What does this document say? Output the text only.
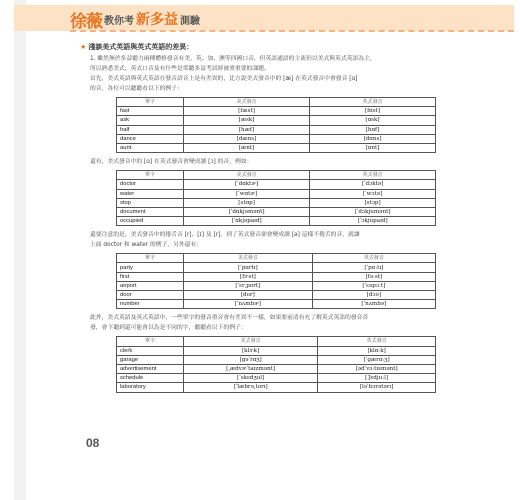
徐薇 教你考 新多益 測驗
★ 淺談美式英語與英式英語的差異：
1. 雖然無於多益聽力兩種體格發音有美、英、加、澳等四國口音，但英語通語的主流仍以美式與英式英語為主，
所以熟悉美式、英式口音及有什些是常聽多益考試時被重重要的課題。
首先，美式英語與英式英語在發音語音上是有差異的，比方說美式發音中的 [æ] 在英式發音中會發音 [ɑ]
的音，各位可以聽聽看以下的例子：
單字	美式發音	英式發音
fast	[fæst]	[fɑst]
ask	[æsk]	[ɑsk]
half	[hæf]	[hɑf]
dance	[dæns]	[dɑns]
aunt	[ænt]	[ɑnt]
還有，美式發音中的 [ɑ] 在英式發音會變成讀 [ɔ] 的音，例如：
單字	美式發音	英式發音
doctor	[ˈdɑktɚ]	[ˈdɔktə]
water	[ˈwɑtɚ]	[ˈwɔtə]
stop	[stɑp]	[stɔp]
document	[ˈdɑkjəmənt]	[ˈdɔkjumənt]
occupied	[ˈɑkjəpaɪd]	[ˈɔkjupaɪd]
還要注意的是，美式發音中的捲舌音 [r]、[ɪ] 及 [r]，到了英式發音卻會變成讀 [ə] 這樣不捲舌的音，就讓
上面 doctor 和 water 的例子，另外還有：
單字	美式發音	英式發音
party	[ˈpɑrtɪ]	[ˈpɑːtɪ]
first	[fɝst]	[fəːst]
airport	[ˈɛr͵port]	[ˈɛəpɔːt]
door	[dor]	[dɔə]
number	[ˈnʌmbɚ]	[ˈnʌmbə]
此外，美式英語及英式英語中，一些單字的發音重音會有差異不一樣，如果要前清有充了解英式英語的發音首
發，會下聽到還可能會以為是不同的字，聽聽看以下的例子：
單字	美式發音	英式發音
clerk	[klɝk]	[klɑːk]
garage	[gəˈrɑʒ]	[ˈɡærɑːʒ]
advertisement	[͵ædvɚˈtaɪzmənt]	[ədˈvɜːtɪsmənt]
schedule	[ˈskɛdʒul]	[ˈʃɛdjuːl]
laboratory	[ˈlæbrə͵torɪ]	[ləˈbɔrətərɪ]
08
